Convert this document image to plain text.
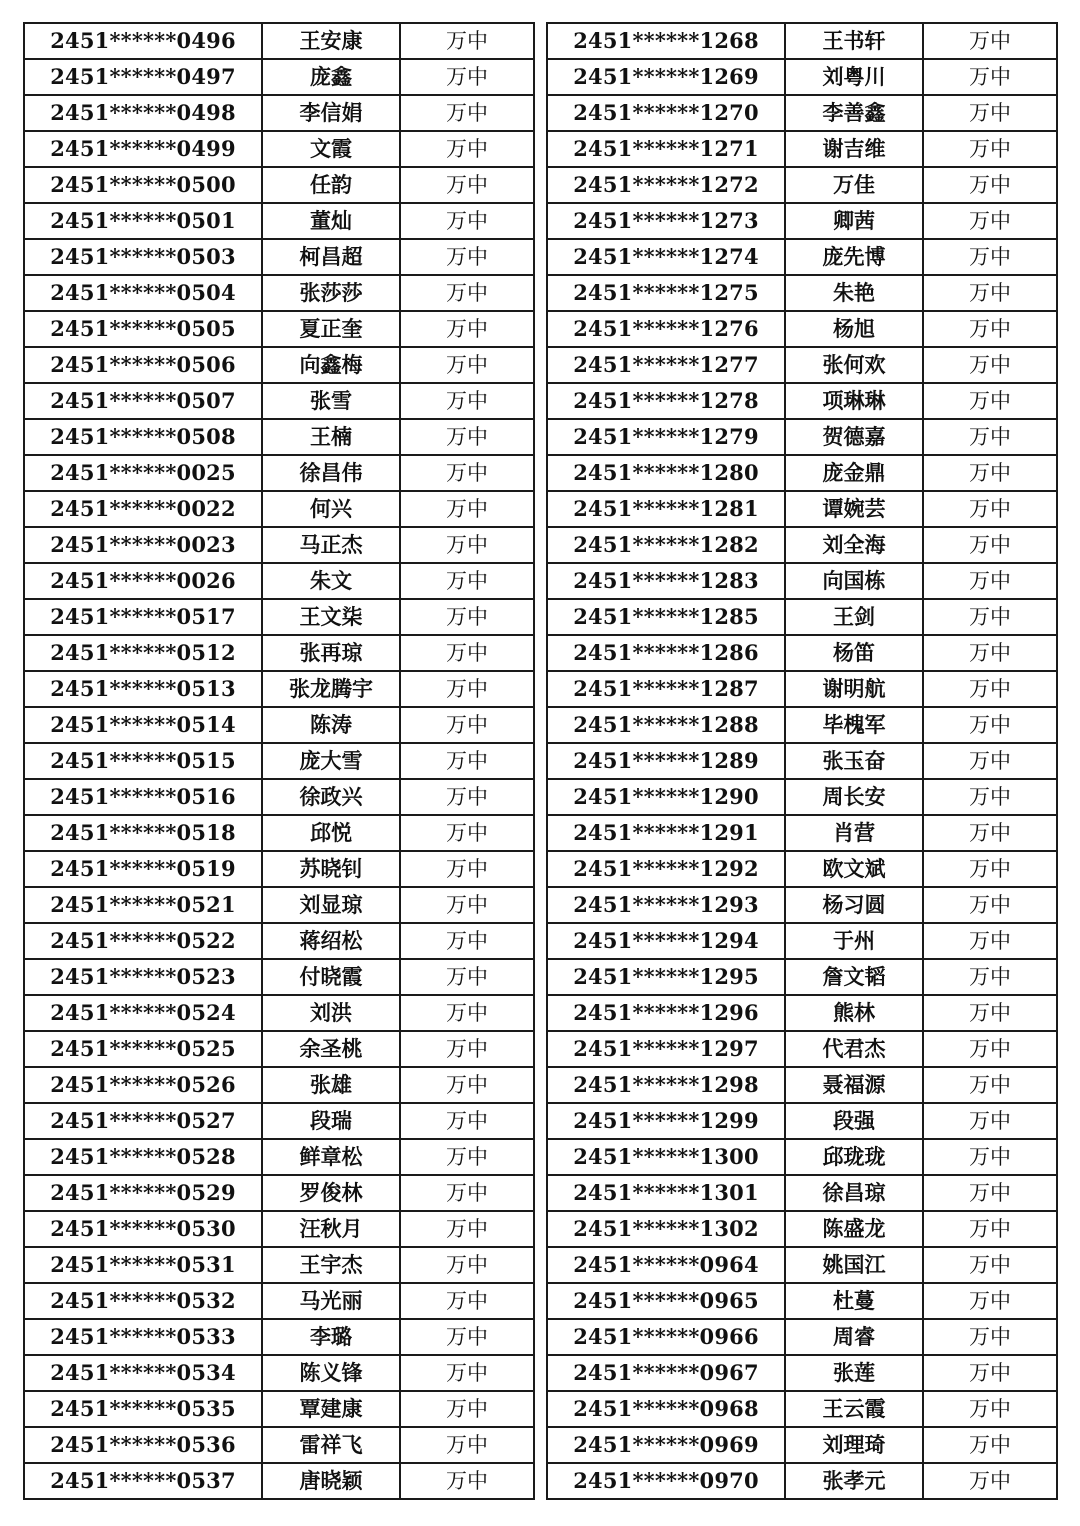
2451******0496	王安康	万中
2451******0497	庞鑫	万中
2451******0498	李信娟	万中
2451******0499	文霞	万中
2451******0500	任韵	万中
2451******0501	董灿	万中
2451******0503	柯昌超	万中
2451******0504	张莎莎	万中
2451******0505	夏正奎	万中
2451******0506	向鑫梅	万中
2451******0507	张雪	万中
2451******0508	王楠	万中
2451******0025	徐昌伟	万中
2451******0022	何兴	万中
2451******0023	马正杰	万中
2451******0026	朱文	万中
2451******0517	王文柒	万中
2451******0512	张再琼	万中
2451******0513	张龙腾宇	万中
2451******0514	陈涛	万中
2451******0515	庞大雪	万中
2451******0516	徐政兴	万中
2451******0518	邱悦	万中
2451******0519	苏晓钊	万中
2451******0521	刘显琼	万中
2451******0522	蒋绍松	万中
2451******0523	付晓霞	万中
2451******0524	刘洪	万中
2451******0525	余圣桃	万中
2451******0526	张雄	万中
2451******0527	段瑞	万中
2451******0528	鲜章松	万中
2451******0529	罗俊林	万中
2451******0530	汪秋月	万中
2451******0531	王宇杰	万中
2451******0532	马光丽	万中
2451******0533	李璐	万中
2451******0534	陈义锋	万中
2451******0535	覃建康	万中
2451******0536	雷祥飞	万中
2451******0537	唐晓颖	万中
2451******1268	王书轩	万中
2451******1269	刘粤川	万中
2451******1270	李善鑫	万中
2451******1271	谢吉维	万中
2451******1272	万佳	万中
2451******1273	卿茜	万中
2451******1274	庞先博	万中
2451******1275	朱艳	万中
2451******1276	杨旭	万中
2451******1277	张何欢	万中
2451******1278	项琳琳	万中
2451******1279	贺德嘉	万中
2451******1280	庞金鼎	万中
2451******1281	谭婉芸	万中
2451******1282	刘全海	万中
2451******1283	向国栋	万中
2451******1285	王剑	万中
2451******1286	杨笛	万中
2451******1287	谢明航	万中
2451******1288	毕槐军	万中
2451******1289	张玉奋	万中
2451******1290	周长安	万中
2451******1291	肖营	万中
2451******1292	欧文斌	万中
2451******1293	杨习圆	万中
2451******1294	于州	万中
2451******1295	詹文韬	万中
2451******1296	熊林	万中
2451******1297	代君杰	万中
2451******1298	聂福源	万中
2451******1299	段强	万中
2451******1300	邱珑珑	万中
2451******1301	徐昌琼	万中
2451******1302	陈盛龙	万中
2451******0964	姚国江	万中
2451******0965	杜蔓	万中
2451******0966	周睿	万中
2451******0967	张莲	万中
2451******0968	王云霞	万中
2451******0969	刘理琦	万中
2451******0970	张孝元	万中
